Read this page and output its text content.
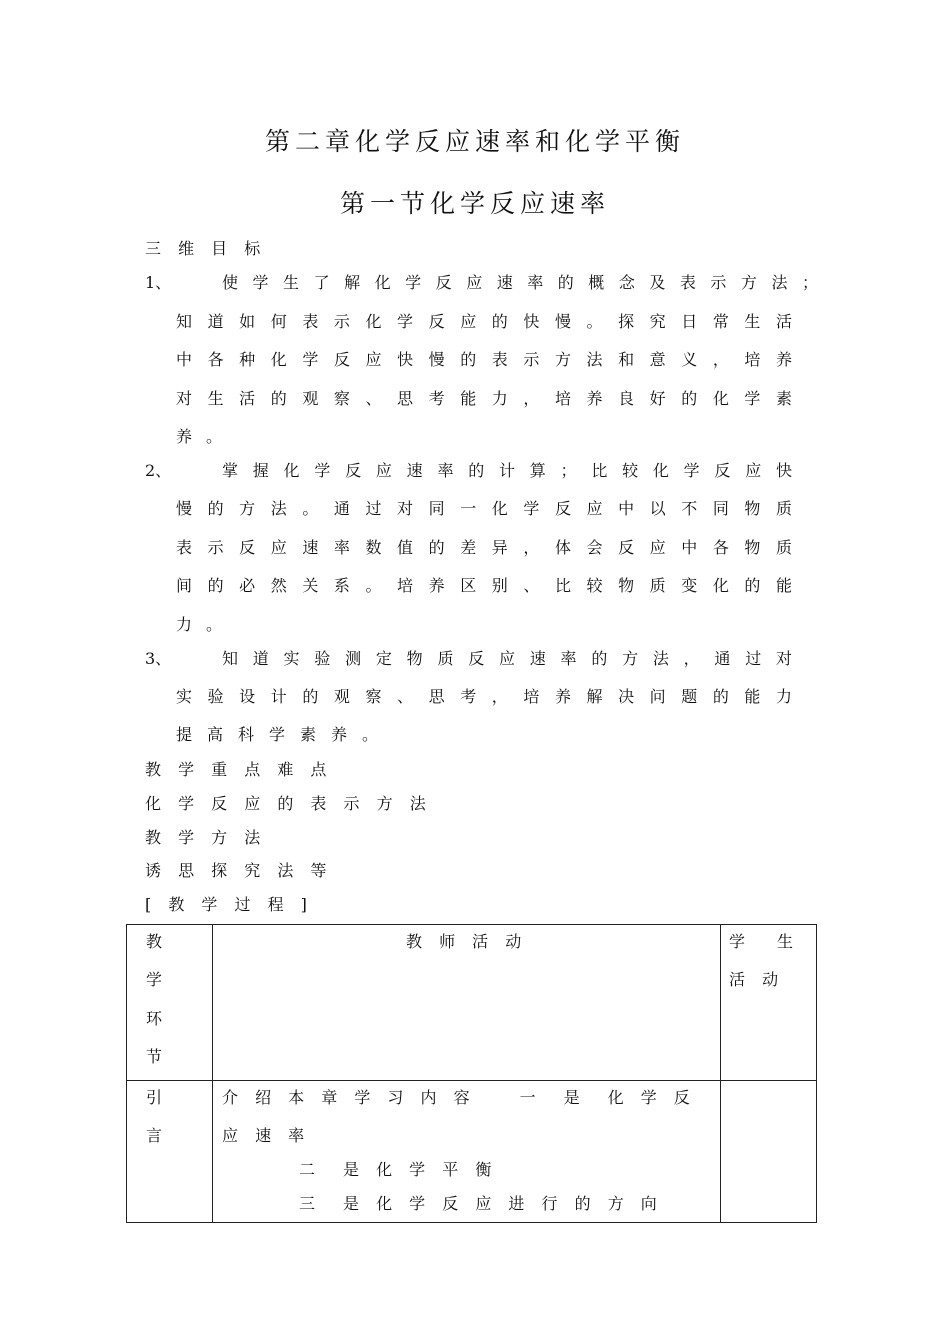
第二章化学反应速率和化学平衡
第一节化学反应速率
三 维 目 标
1、	使学生了解化学反应速率的概念及表示方法；
知道如何表示化学反应的快慢。探究日常生活
中各种化学反应快慢的表示方法和意义，培养
对生活的观察、思考能力，培养良好的化学素
养。
2、	掌握化学反应速率的计算；比较化学反应快
慢的方法。通过对同一化学反应中以不同物质
表示反应速率数值的差异，体会反应中各物质
间的必然关系。培养区别、比较物质变化的能
力。
3、	知道实验测定物质反应速率的方法，通过对
实验设计的观察、思考，培养解决问题的能力
提高科学素养。
教 学 重 点 难 点
化 学 反 应 的 表 示 方 法
教 学 方 法
诱 思 探 究 法 等
[ 教 学 过 程 ]
教
学
环
节	教 师 活 动	学　　生
活 动

引
言	介 绍 本 章 学 习 内 容　　一　是　化 学 反
应 速 率
二　是 化 学 平 衡
三　是 化 学 反 应 进 行 的 方 向	
